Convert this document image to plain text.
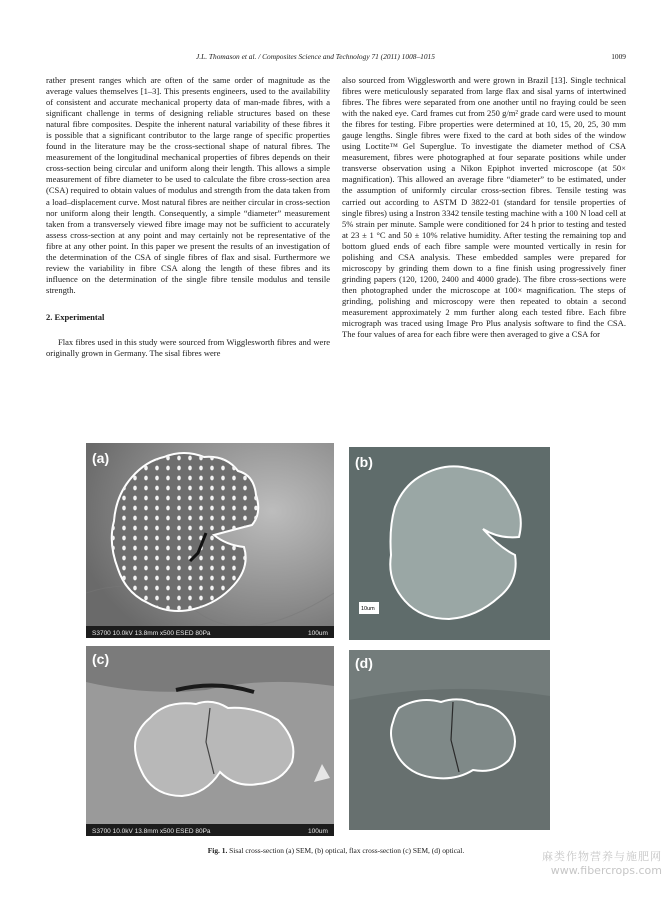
J.L. Thomason et al. / Composites Science and Technology 71 (2011) 1008–1015	1009

rather present ranges which are often of the same order of magnitude as the average values themselves [1–3]. This presents engineers, used to the availability of consistent and accurate mechanical property data of man-made fibres, with a significant challenge in terms of designing reliable structures based on these natural fibre composites. Despite the inherent natural variability of these fibres it is possible that a significant contributor to the large range of specific properties found in the literature may be the cross-sectional shape of natural fibres. The measurement of the longitudinal mechanical properties of fibres depends on their cross-section being circular and uniform along their length. This allows a simple measurement of fibre diameter to be used to calculate the fibre cross-section area (CSA) required to obtain values of modulus and strength from the data taken from a load–displacement curve. Most natural fibres are neither circular in cross-section nor uniform along their length. Consequently, a simple “diameter” measurement taken from a transversely viewed fibre image may not be sufficient to accurately assess cross-section at any point and may certainly not be representative of the fibre at any other point. In this paper we present the results of an investigation of the determination of the CSA of single fibres of flax and sisal. Furthermore we review the variability in fibre CSA along the length of these fibres and its influence on the determination of the single fibre tensile modulus and tensile strength.

2. Experimental

Flax fibres used in this study were sourced from Wigglesworth fibres and were originally grown in Germany. The sisal fibres were

also sourced from Wigglesworth and were grown in Brazil [13]. Single technical fibres were meticulously separated from large flax and sisal yarns of intertwined fibres. The fibres were separated from one another until no fraying could be seen with the naked eye. Card frames cut from 250 g/m² grade card were used to mount the fibres for testing. Fibre properties were determined at 10, 15, 20, 25, 30 mm gauge lengths. Single fibres were fixed to the card at both sides of the window using Loctite™ Gel Superglue. To investigate the diameter method of CSA measurement, fibres were photographed at four separate positions while under transverse observation using a Nikon Epiphot inverted microscope (at 50× magnification). This allowed an average fibre “diameter” to be estimated, under the assumption of uniformly circular cross-section fibres. Tensile testing was carried out according to ASTM D 3822-01 (standard for tensile properties of single fibres) using a Instron 3342 tensile testing machine with a 100 N load cell at 5% strain per minute. Sample were conditioned for 24 h prior to testing and tested at 23 ± 1 °C and 50 ± 10% relative humidity. After testing the remaining top and bottom glued ends of each fibre sample were mounted vertically in resin for polishing and CSA analysis. These embedded samples were prepared for microscopy by grinding them down to a fine finish using progressively finer grinding papers (120, 1200, 2400 and 4000 grade). The fibre cross-sections were then photographed under the microscope at 100× magnification. The steps of grinding, polishing and microscopy were then repeated to obtain a second measurement approximately 2 mm further along each tested fibre. Each fibre micrograph was traced using Image Pro Plus analysis software to find the CSA. The four values of area for each fibre were then averaged to give a CSA for

S3700 10.0kV 13.8mm x500 ESED 80Pa	100um
(a)
10um
(b)
S3700 10.0kV 13.8mm x500 ESED 80Pa	100um
(c)	(d)
Fig. 1. Sisal cross-section (a) SEM, (b) optical, flax cross-section (c) SEM, (d) optical.	麻类作物营养与施肥网
www.fibercrops.com
